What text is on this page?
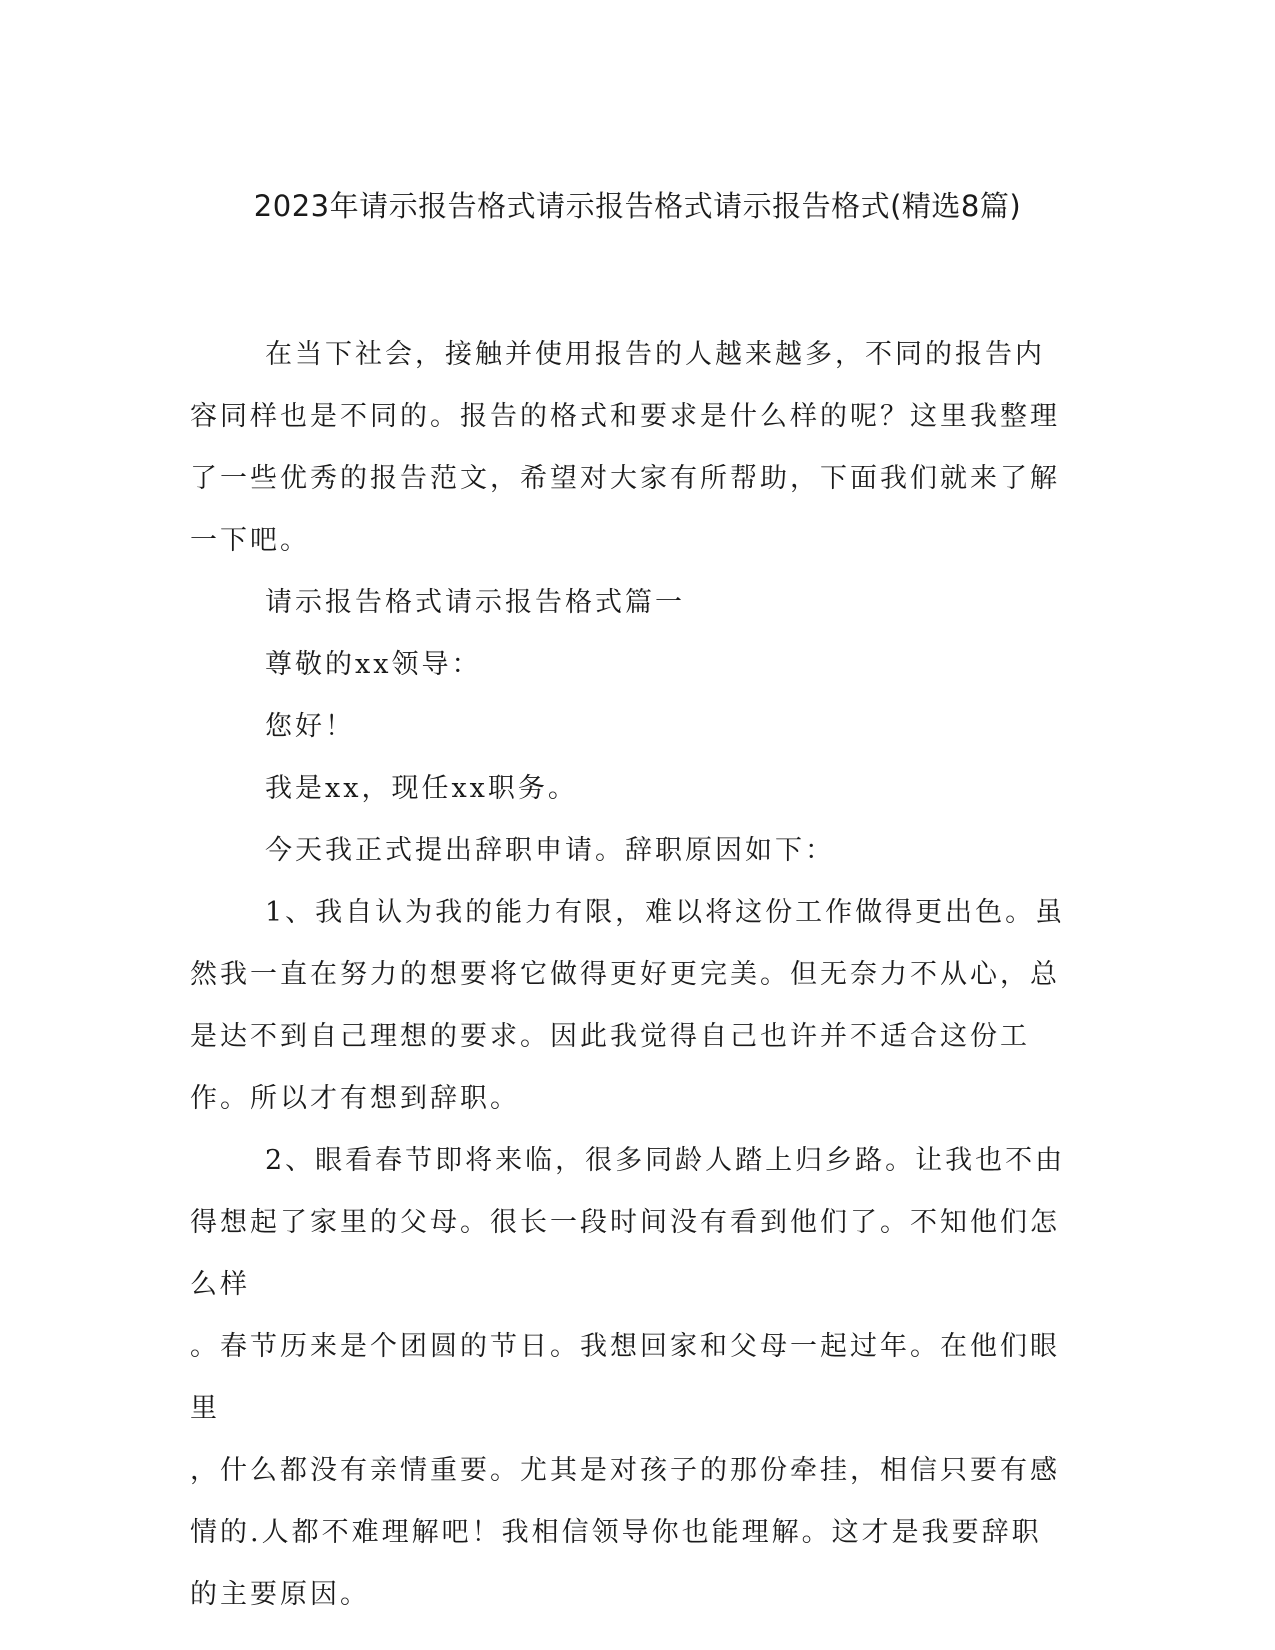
2023年请示报告格式请示报告格式请示报告格式(精选8篇)

在当下社会，接触并使用报告的人越来越多，不同的报告内容同样也是不同的。报告的格式和要求是什么样的呢？这里我整理了一些优秀的报告范文，希望对大家有所帮助，下面我们就来了解一下吧。

请示报告格式请示报告格式篇一

尊敬的xx领导：

您好！

我是xx，现任xx职务。

今天我正式提出辞职申请。辞职原因如下：

1、我自认为我的能力有限，难以将这份工作做得更出色。虽然我一直在努力的想要将它做得更好更完美。但无奈力不从心，总是达不到自己理想的要求。因此我觉得自己也许并不适合这份工作。所以才有想到辞职。

2、眼看春节即将来临，很多同龄人踏上归乡路。让我也不由得想起了家里的父母。很长一段时间没有看到他们了。不知他们怎么样
。春节历来是个团圆的节日。我想回家和父母一起过年。在他们眼里
，什么都没有亲情重要。尤其是对孩子的那份牵挂，相信只要有感情的.人都不难理解吧！我相信领导你也能理解。这才是我要辞职的主要原因。
